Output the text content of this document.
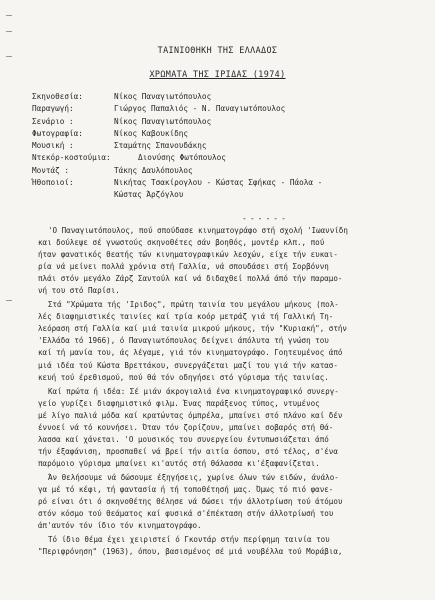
ΤΑΙΝΙΟΘΗΚΗ ΤΗΣ ΕΛΛΑΔΟΣ
ΧΡΩΜΑΤΑ ΤΗΣ ΙΡΙΔΑΣ (1974)
Σκηνοθεσία:	Νίκος Παναγιωτόπουλος
Παραγωγή:	Γιώργος Παπαλιός - Ν. Παναγιωτόπουλος
Σενάριο :	Νίκος Παναγιωτόπουλος
Φωτογραφία:	Νίκος Καβουκίδης
Μουσική :	Σταμάτης Σπανουδάκης
Ντεκόρ-κοστούμια:	Διονύσης Φωτόπουλος
Μοντάζ :	Τάκης Δαυλόπουλος
Ήθοποιοί:	Νικήτας Τσακίρογλου - Κώστας Σφήκας - Πάολα -
Κώστας Άρζόγλου
------
'Ο Παναγιωτόπουλος, πού σπούδασε κινηματογράφο στή σχολή 'Ιωαννίδη
και δούλεψε σέ γνωστούς σκηνοθέτες σάν βοηθός, μοντέρ κλπ., πού
ήταν φανατικός θεατής τών κινηματογραφικών λεσχών, είχε τήν ευκαι-
ρία νά μείνει πολλά χρόνια στή Γαλλία, νά σπουδάσει στή Σορβόννη
πλάι στόν μεγάλο Ζάρζ Σαντούλ καί νά διδαχθεί πολλά άπό τήν παραμο-
νή του στό Παρίσι.
Στά "Χρώματα τής 'Ιριδος", πρώτη ταινία του μεγάλου μήκους (πολ-
λές διαφημιστικές ταινίες καί τρία κοόρ μετράζ γιά τή Γαλλική Τη-
λεόραση στή Γαλλία καί μιά ταινία μικρού μήκους, τήν "Κυριακή", στήν
'Ελλάδα τό 1966), ό Παναγιωτόπουλος δείχνει άπόλυτα τή γνώση του
καί τή μανία του, άς λέγαμε, γιά τόν κινηματογράφο. Γοητευμένος άπό
μιά ιδέα τού Κώστα Βρεττάκου, συνεργάζεται μαζί του γιά τήν κατασ-
κευή τού έρεθισμού, πού θά τόν οδηγήσει στό γύρισμα τής ταινίας.
Καί πρώτα ή ιδέα: Σέ μιάν άκρογιαλιά ένα κινηματογραφικό συνεργ-
γείο γυρίζει διαφημιστικό φιλμ. Ένας παράξενος τύπος, ντυμένος
μέ λίγο παλιά μόδα καί κρατώντας όμπρέλα, μπαίνει στό πλάνο καί δέν
έννοεί νά τό κουνήσει. Όταν τόν ζορίζουν, μπαίνει σοβαρός στή θά-
λασσα καί χάνεται. 'Ο μουσικός του συνεργείου έντυπωσιάζεται άπό
τήν έξαφάνιση, προσπαθεί νά βρεί τήν αιτία όσπου, στό τέλος, σ'ένα
παρόμοιο γύρισμα μπαίνει κι'αυτός στή θάλασσα κι'έξαφανίζεται.
Άν θελήσουμε νά δώσουμε έξηγήσεις, χωρίνε όλων τών ειδών, άνάλο-
γα μέ τό κέφι, τή φαντασία ή τή τοποθέτησή μας. Όμως τό πιό φανε-
ρό είναι ότι ό σκηνοθέτης θέλησε νά δώσει τήν άλλοτρίωση τού άτόμου
στόν κόσμο τού θεάματος καί φυσικά σ'έπέκταση στήν άλλοτρίωσή του
άπ'αυτόν τόν ίδιο τόν κινηματογράφο.
Τό ίδιο θέμα έχει χειριστεί ό Γκοντάρ στήν περίφημη ταινία του
"Περιφρόνηση" (1963), όπου, βασισμένος σέ μιά νουβέλλα τού Μοράβια,
